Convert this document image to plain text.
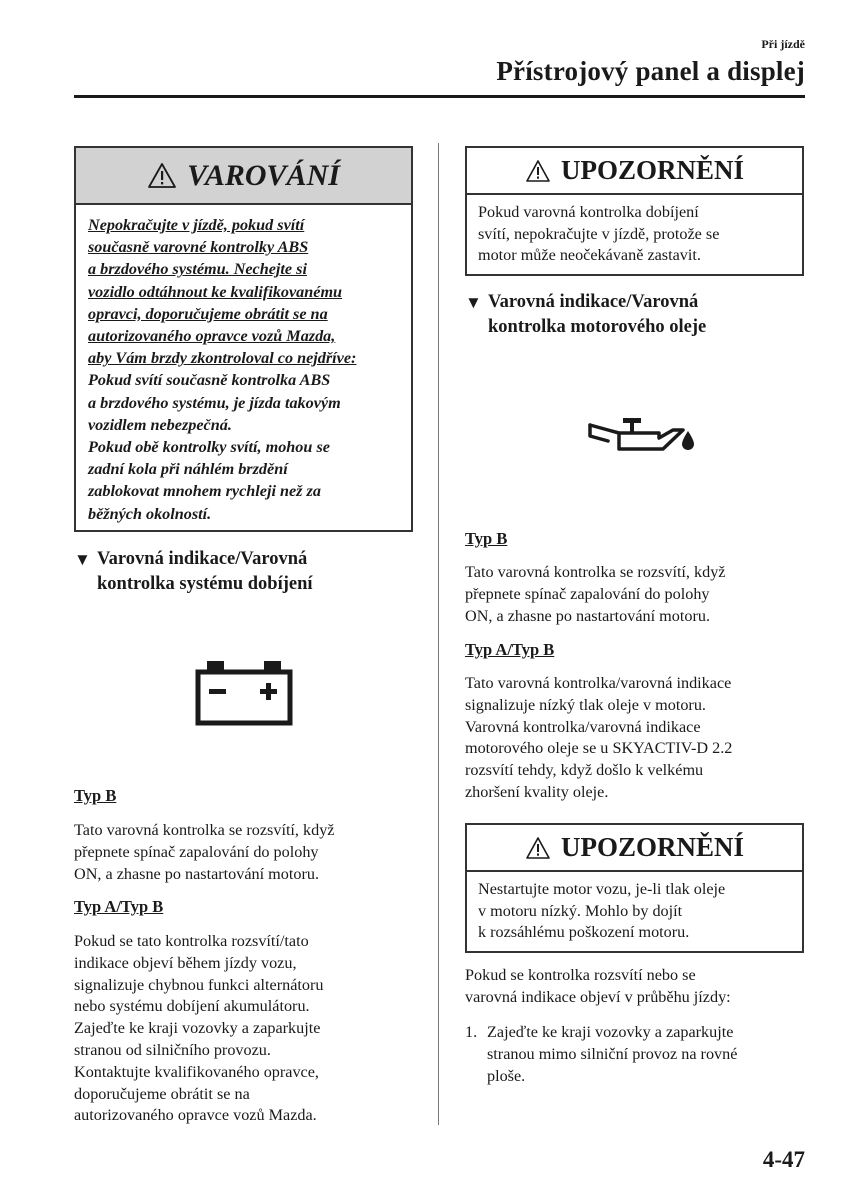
Při jízdě
Přístrojový panel a displej
VAROVÁNÍ
Nepokračujte v jízdě, pokud svítí
současně varovné kontrolky ABS
a brzdového systému. Nechejte si
vozidlo odtáhnout ke kvalifikovanému
opravci, doporučujeme obrátit se na
autorizovaného opravce vozů Mazda,
aby Vám brzdy zkontroloval co nejdříve:
Pokud svítí současně kontrolka ABS
a brzdového systému, je jízda takovým
vozidlem nebezpečná.
Pokud obě kontrolky svítí, mohou se
zadní kola při náhlém brzdění
zablokovat mnohem rychleji než za
běžných okolností.
▼ Varovná indikace/Varovná
kontrolka systému dobíjení
Typ B
Tato varovná kontrolka se rozsvítí, když
přepnete spínač zapalování do polohy
ON, a zhasne po nastartování motoru.
Typ A/Typ B
Pokud se tato kontrolka rozsvítí/tato
indikace objeví během jízdy vozu,
signalizuje chybnou funkci alternátoru
nebo systému dobíjení akumulátoru.
Zajeďte ke kraji vozovky a zaparkujte
stranou od silničního provozu.
Kontaktujte kvalifikovaného opravce,
doporučujeme obrátit se na
autorizovaného opravce vozů Mazda.
UPOZORNĚNÍ
Pokud varovná kontrolka dobíjení
svítí, nepokračujte v jízdě, protože se
motor může neočekávaně zastavit.
▼ Varovná indikace/Varovná
kontrolka motorového oleje
Typ B
Tato varovná kontrolka se rozsvítí, když
přepnete spínač zapalování do polohy
ON, a zhasne po nastartování motoru.
Typ A/Typ B
Tato varovná kontrolka/varovná indikace
signalizuje nízký tlak oleje v motoru.
Varovná kontrolka/varovná indikace
motorového oleje se u SKYACTIV-D 2.2
rozsvítí tehdy, když došlo k velkému
zhoršení kvality oleje.
UPOZORNĚNÍ
Nestartujte motor vozu, je-li tlak oleje
v motoru nízký. Mohlo by dojít
k rozsáhlému poškození motoru.
Pokud se kontrolka rozsvítí nebo se
varovná indikace objeví v průběhu jízdy:
1. Zajeďte ke kraji vozovky a zaparkujte
stranou mimo silniční provoz na rovné
ploše.
4-47
